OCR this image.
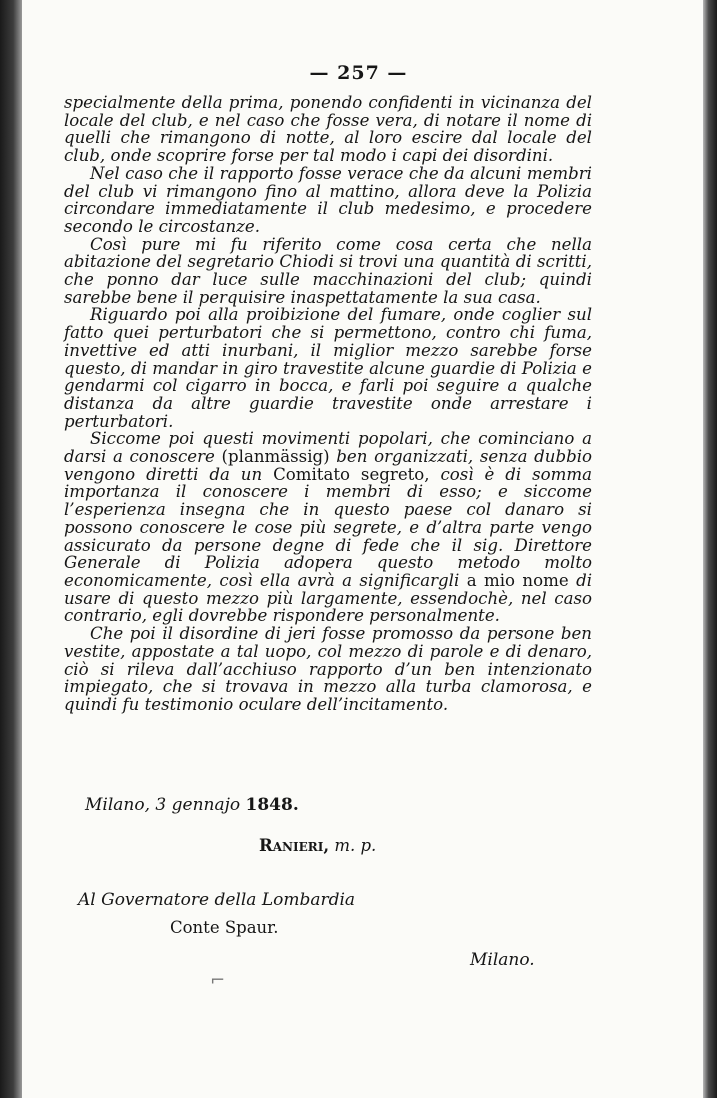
— 257 —

specialmente della prima, ponendo confidenti in vicinanza del locale del club, e nel caso che fosse vera, di notare il nome di quelli che rimangono di notte, al loro escire dal locale del club, onde scoprire forse per tal modo i capi dei disordini.

Nel caso che il rapporto fosse verace che da alcuni membri del club vi rimangono fino al mattino, allora deve la Polizia circondare immediatamente il club medesimo, e procedere secondo le circostanze.

Così pure mi fu riferito come cosa certa che nella abitazione del segretario Chiodi si trovi una quantità di scritti, che ponno dar luce sulle macchinazioni del club; quindi sarebbe bene il perquisire inaspettatamente la sua casa.

Riguardo poi alla proibizione del fumare, onde coglier sul fatto quei perturbatori che si permettono, contro chi fuma, invettive ed atti inurbani, il miglior mezzo sarebbe forse questo, di mandar in giro travestite alcune guardie di Polizia e gendarmi col cigarro in bocca, e farli poi seguire a qualche distanza da altre guardie travestite onde arrestare i perturbatori.

Siccome poi questi movimenti popolari, che cominciano a darsi a conoscere (planmässig) ben organizzati, senza dubbio vengono diretti da un Comitato segreto, così è di somma importanza il conoscere i membri di esso; e siccome l’esperienza insegna che in questo paese col danaro si possono conoscere le cose più segrete, e d’altra parte vengo assicurato da persone degne di fede che il sig. Direttore Generale di Polizia adopera questo metodo molto economicamente, così ella avrà a significargli a mio nome di usare di questo mezzo più largamente, essendochè, nel caso contrario, egli dovrebbe rispondere personalmente.

Che poi il disordine di jeri fosse promosso da persone ben vestite, appostate a tal uopo, col mezzo di parole e di denaro, ciò si rileva dall’acchiuso rapporto d’un ben intenzionato impiegato, che si trovava in mezzo alla turba clamorosa, e quindi fu testimonio oculare dell’incitamento.

Milano, 3 gennajo 1848.
Ranieri, m. p.
Al Governatore della Lombardia
Conte Spaur.
Milano.
⌐
